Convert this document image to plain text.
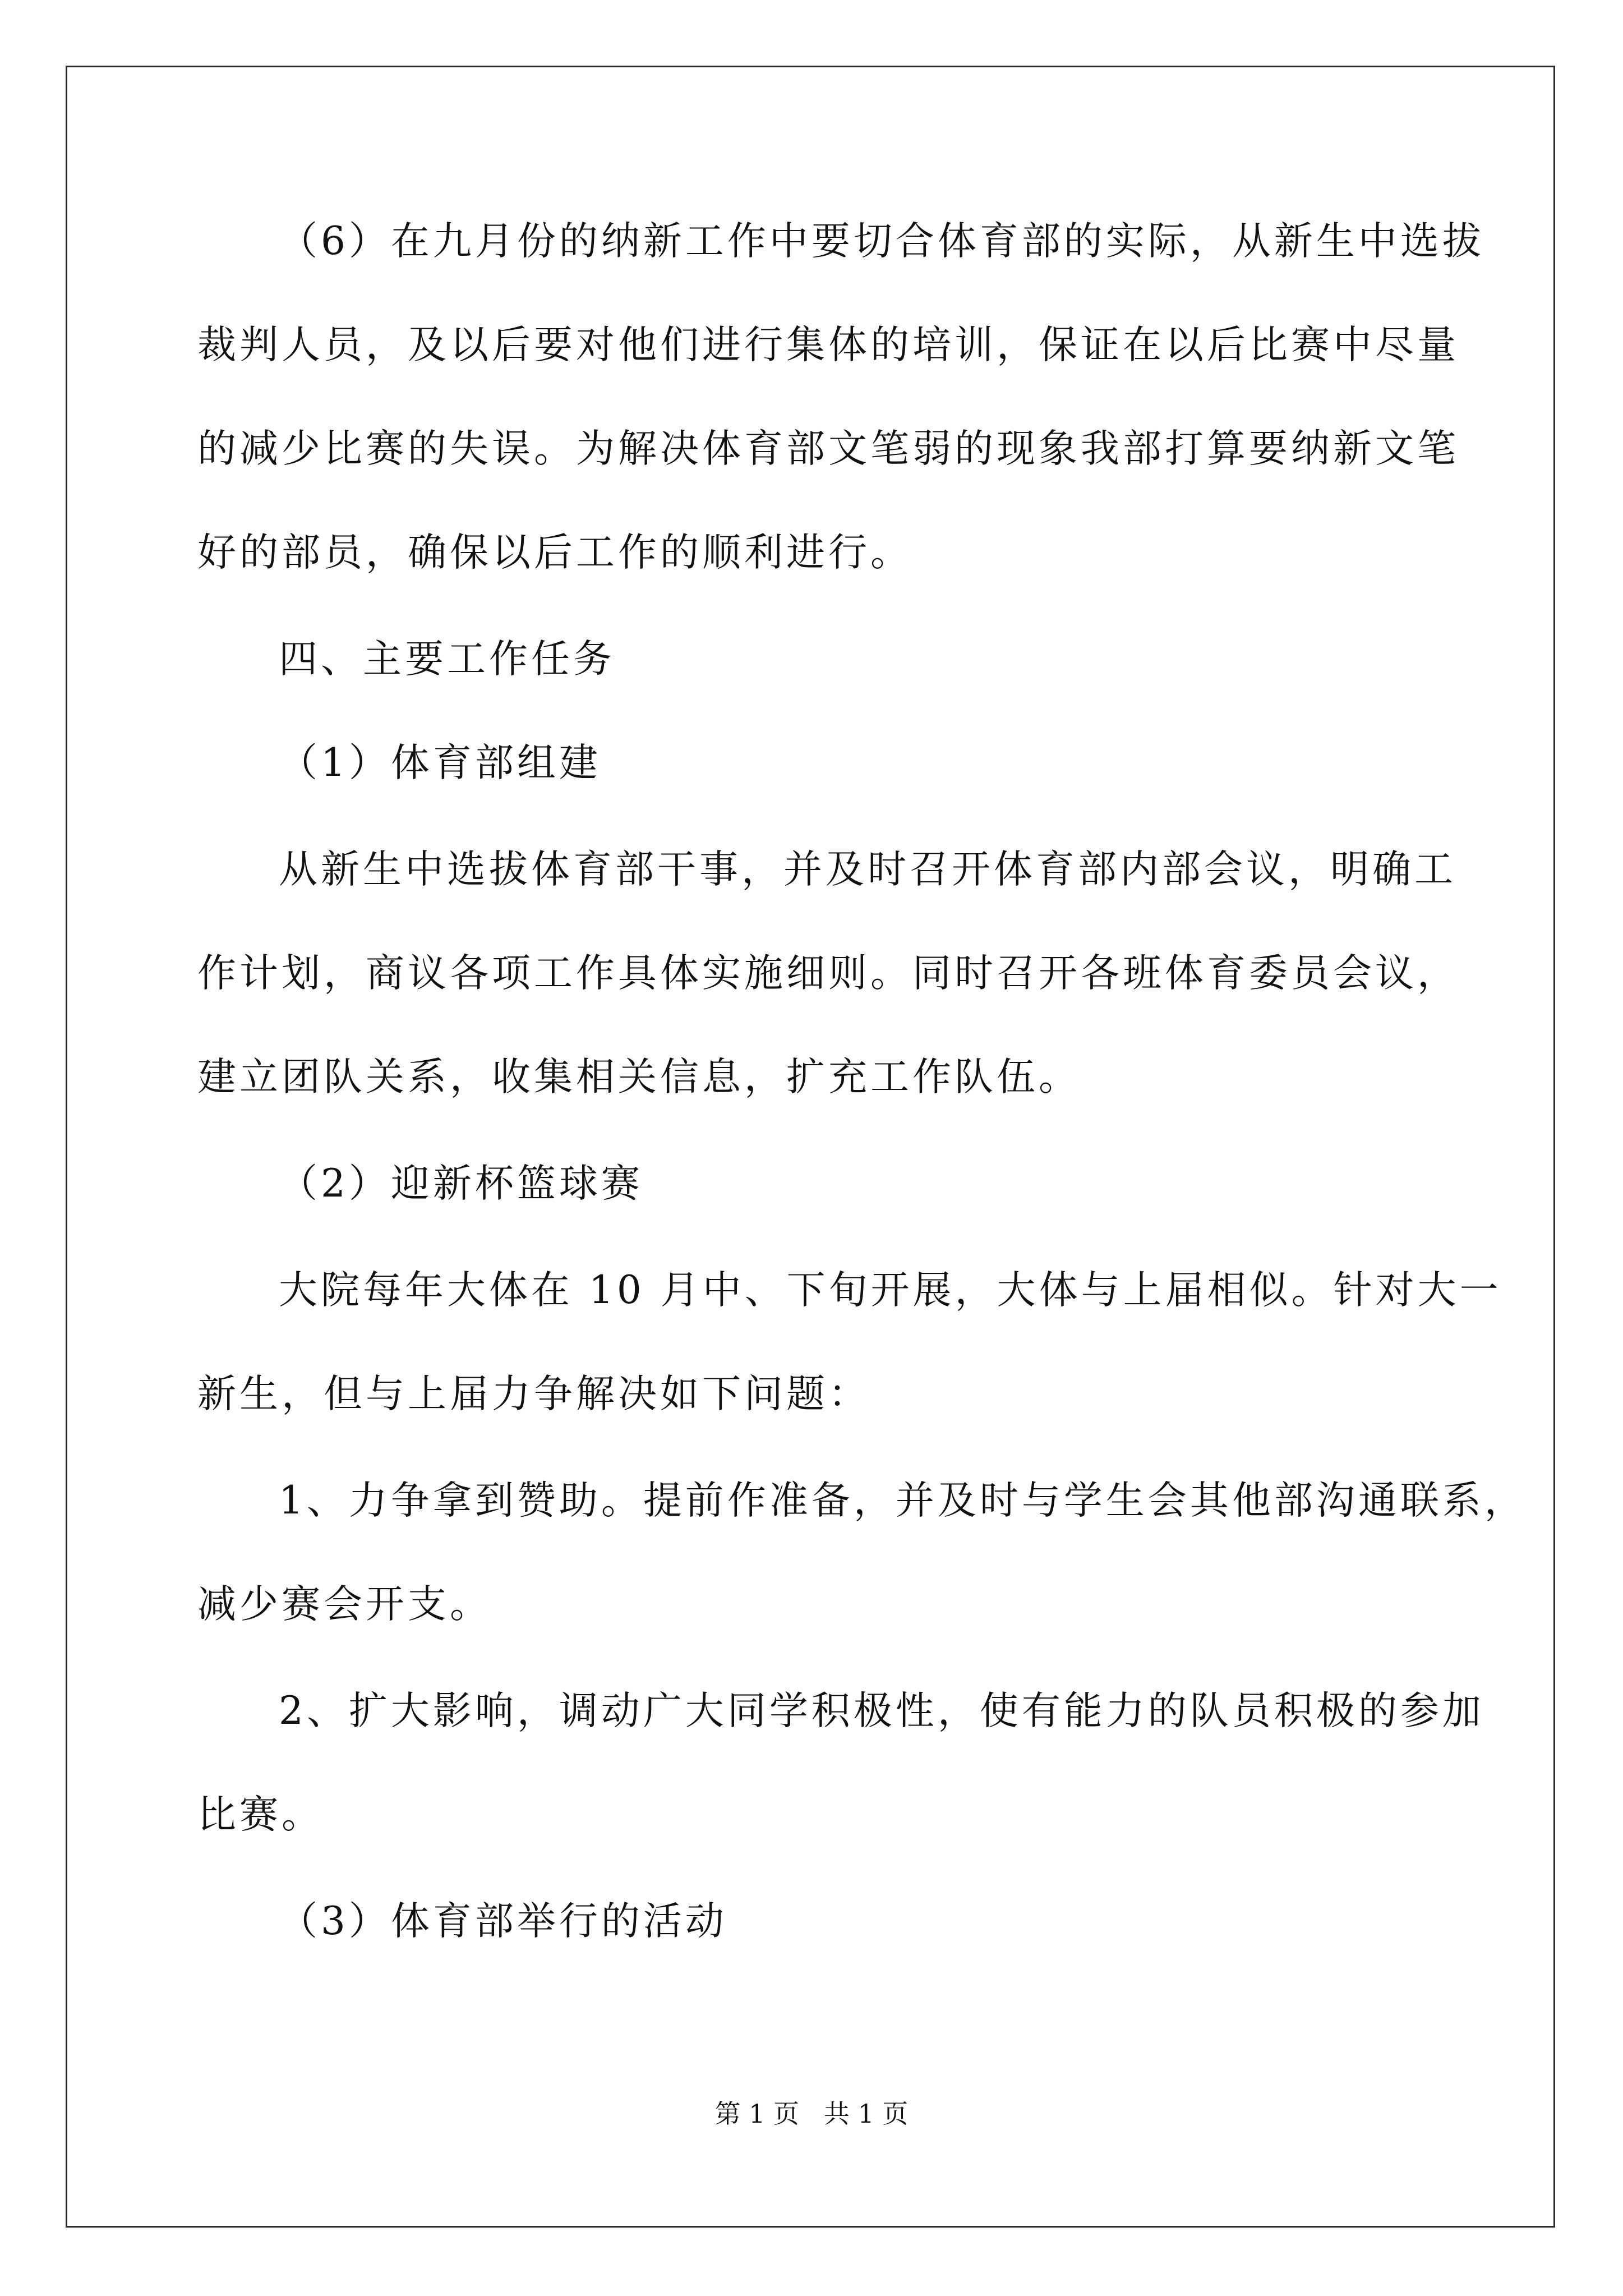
（6）在九月份的纳新工作中要切合体育部的实际，从新生中选拔
裁判人员，及以后要对他们进行集体的培训，保证在以后比赛中尽量
的减少比赛的失误。为解决体育部文笔弱的现象我部打算要纳新文笔
好的部员，确保以后工作的顺利进行。
四、主要工作任务
（1）体育部组建
从新生中选拔体育部干事，并及时召开体育部内部会议，明确工
作计划，商议各项工作具体实施细则。同时召开各班体育委员会议，
建立团队关系，收集相关信息，扩充工作队伍。
（2）迎新杯篮球赛
大院每年大体在 10 月中、下旬开展，大体与上届相似。针对大一
新生，但与上届力争解决如下问题：
1、力争拿到赞助。提前作准备，并及时与学生会其他部沟通联系，
减少赛会开支。
2、扩大影响，调动广大同学积极性，使有能力的队员积极的参加
比赛。
（3）体育部举行的活动
第 1 页   共 1 页
